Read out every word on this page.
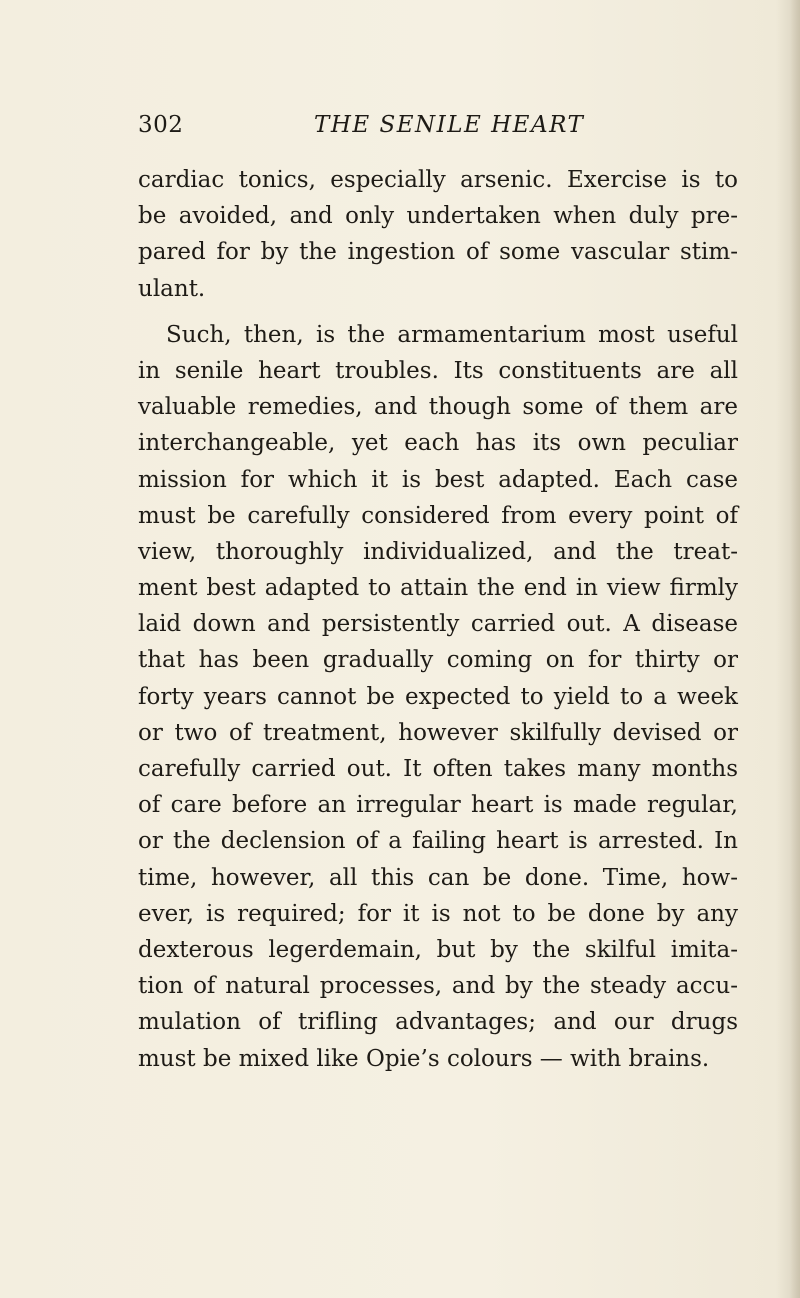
302	THE SENILE HEART
cardiac tonics, especially arsenic. Exercise is to
be avoided, and only undertaken when duly pre-
pared for by the ingestion of some vascular stim-
ulant.
Such, then, is the armamentarium most useful
in senile heart troubles. Its constituents are all
valuable remedies, and though some of them are
interchangeable, yet each has its own peculiar
mission for which it is best adapted. Each case
must be carefully considered from every point of
view, thoroughly individualized, and the treat-
ment best adapted to attain the end in view firmly
laid down and persistently carried out. A disease
that has been gradually coming on for thirty or
forty years cannot be expected to yield to a week
or two of treatment, however skilfully devised or
carefully carried out. It often takes many months
of care before an irregular heart is made regular,
or the declension of a failing heart is arrested. In
time, however, all this can be done. Time, how-
ever, is required; for it is not to be done by any
dexterous legerdemain, but by the skilful imita-
tion of natural processes, and by the steady accu-
mulation of trifling advantages; and our drugs
must be mixed like Opie’s colours — with brains.
